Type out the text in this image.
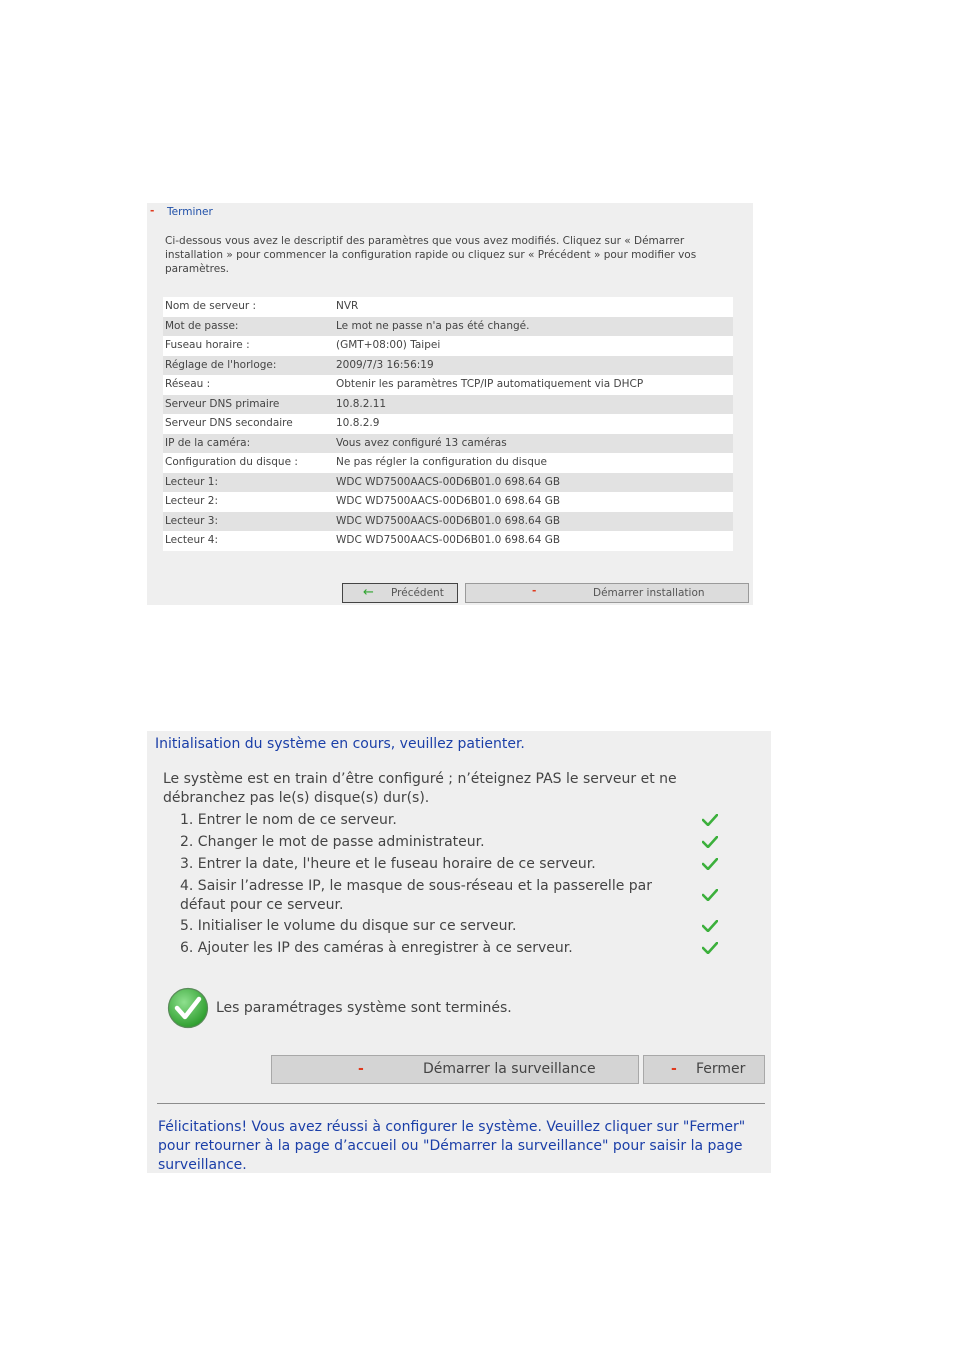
- Terminer
Ci-dessous vous avez le descriptif des paramètres que vous avez modifiés. Cliquez sur « Démarrer installation » pour commencer la configuration rapide ou cliquez sur « Précédent » pour modifier vos paramètres.
Nom de serveur :	NVR
Mot de passe:	Le mot ne passe n'a pas été changé.
Fuseau horaire :	(GMT+08:00) Taipei
Réglage de l'horloge:	2009/7/3 16:56:19
Réseau :	Obtenir les paramètres TCP/IP automatiquement via DHCP
Serveur DNS primaire	10.8.2.11
Serveur DNS secondaire	10.8.2.9
IP de la caméra:	Vous avez configuré 13 caméras
Configuration du disque :	Ne pas régler la configuration du disque
Lecteur 1:	WDC WD7500AACS-00D6B01.0 698.64 GB
Lecteur 2:	WDC WD7500AACS-00D6B01.0 698.64 GB
Lecteur 3:	WDC WD7500AACS-00D6B01.0 698.64 GB
Lecteur 4:	WDC WD7500AACS-00D6B01.0 698.64 GB
← Précédent	-	Démarrer installation
Initialisation du système en cours, veuillez patienter.
Le système est en train d’être configuré ; n’éteignez PAS le serveur et ne débranchez pas le(s) disque(s) dur(s).
1. Entrer le nom de ce serveur.
2. Changer le mot de passe administrateur.
3. Entrer la date, l'heure et le fuseau horaire de ce serveur.
4. Saisir l’adresse IP, le masque de sous-réseau et la passerelle par défaut pour ce serveur.
5. Initialiser le volume du disque sur ce serveur.
6. Ajouter les IP des caméras à enregistrer à ce serveur.
Les paramétrages système sont terminés.
-	Démarrer la surveillance	- Fermer
Félicitations! Vous avez réussi à configurer le système. Veuillez cliquer sur "Fermer" pour retourner à la page d’accueil ou "Démarrer la surveillance" pour saisir la page surveillance.
